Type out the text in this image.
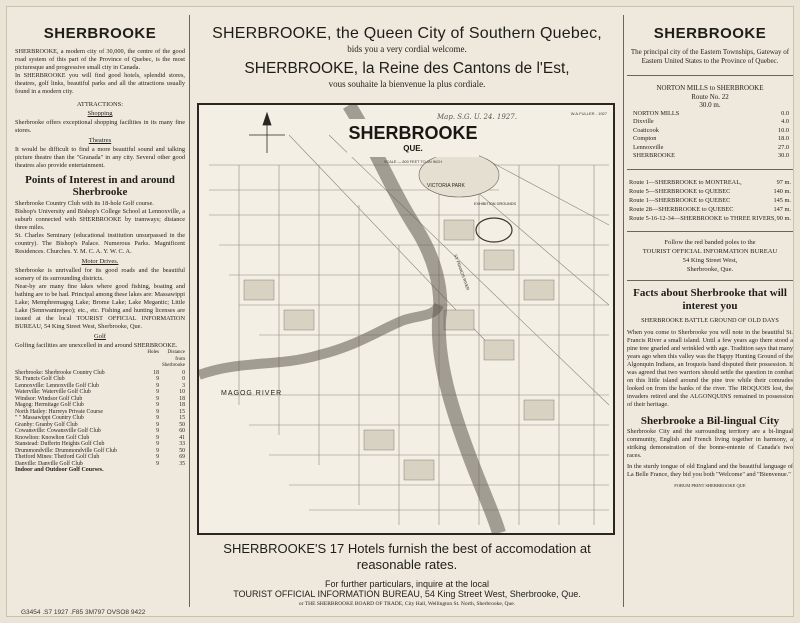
SHERBROOKE

SHERBROOKE, a modern city of 30,000, the centre of the good road system of this part of the Province of Quebec, is the most picturesque and progressive small city in Canada.

In SHERBROOKE you will find good hotels, splendid stores, theatres, golf links, beautiful parks and all the attractions usually found in a modern city.

ATTRACTIONS:
Shopping

Sherbrooke offers exceptional shopping facilities in its many fine stores.

Theatres

It would be difficult to find a more beautiful sound and talking picture theatre than the "Granada" in any city. Several other good theatres also provide entertainment.

Points of Interest in and around Sherbrooke

Sherbrooke Country Club with its 18-hole Golf course.

Bishop's University and Bishop's College School at Lennoxville, a suburb connected with SHERBROOKE by tramways; distance three miles.

St. Charles Seminary (educational institution unsurpassed in the country). The Bishop's Palace. Numerous Parks. Magnificent Residences. Churches. Y. M. C. A. Y. W. C. A.

Motor Drives.

Sherbrooke is unrivalled for its good roads and the beautiful scenery of its surrounding districts.

Near-by are many fine lakes where good fishing, boating and bathing are to be had. Principal among these lakes are: Massawippi Lake; Memphremagog Lake; Brome Lake; Lake Megantic; Little Lake (Sennwaninepeo); etc., etc. Fishing and hunting licenses are issued at the local TOURIST OFFICIAL INFORMATION BUREAU, 54 King Street West, Sherbrooke, Que.

Golf

Golfing facilities are unexcelled in and around SHERBROOKE.

	Holes	Distance from Sherbrooke
Sherbrooke: Sherbrooke Country Club	18	0
St. Francis Golf Club	9	0
Lennoxville: Lennoxville Golf Club	9	3
Waterville: Waterville Golf Club	9	10
Windsor: Windsor Golf Club	9	18
Magog: Hermitage Golf Club	9	18
North Hatley: Hurreys Private Course	9	15
" " Massawippi Country Club	9	15
Granby: Granby Golf Club	9	50
Cowansville: Cowansville Golf Club	9	60
Knowlton: Knowlton Golf Club	9	41
Stanstead: Dufferin Heights Golf Club	9	33
Drummondville: Drummondville Golf Club	9	50
Thetford Mines: Thetford Golf Club	9	69
Danville: Danville Golf Club	9	35
Indoor and Outdoor Golf Courses.
SHERBROOKE, the Queen City of Southern Quebec,
bids you a very cordial welcome.
SHERBROOKE, la Reine des Cantons de l'Est,
vous souhaite la bienvenue la plus cordiale.
SHERBROOKE
QUE.
SCALE — 800 FEET TO AN INCH
W.A.FULLER - 1927
VICTORIA PARK
MAGOG RIVER
ST. FRANCIS RIVER
EXHIBITION GROUNDS
SHERBROOKE'S 17 Hotels furnish the best of accomodation at reasonable rates.
For further particulars, inquire at the local
TOURIST OFFICIAL INFORMATION BUREAU, 54 King Street West, Sherbrooke, Que.
or THE SHERBROOKE BOARD OF TRADE, City Hall, Wellington St. North, Sherbrooke, Que.
SHERBROOKE

The principal city of the Eastern Townships, Gateway of Eastern United States to the Province of Quebec.

NORTON MILLS to SHERBROOKE
Route No. 22
30.0 m.
NORTON MILLS	0.0
Dixville	4.0
Coaticook	10.0
Compton	18.0
Lennoxville	27.0
SHERBROOKE	30.0
Route 1—SHERBROOKE to MONTREAL,	97 m.
Route 5—SHERBROOKE to QUEBEC	140 m.
Route 1—SHERBROOKE to QUEBEC	145 m.
Route 28—SHERBROOKE to QUEBEC	147 m.
Route 5-16-12-34—SHERBROOKE to THREE RIVERS, 90 m.
Follow the red banded poles to the
TOURIST OFFICIAL INFORMATION BUREAU
54 King Street West,
Sherbrooke, Que.
Facts about Sherbrooke that will interest you
SHERBROOKE BATTLE GROUND OF OLD DAYS

When you come to Sherbrooke you will note in the beautiful St. Francis River a small island. Until a few years ago there stood a pine tree gnarled and wrinkled with age. Tradition says that many years ago when this valley was the Happy Hunting Ground of the Algonquin Indians, an Iroquois band disputed their possession. It was agreed that two warriors should settle the question in combat on this little island around the pine tree while their comrades looked on from the banks of the river. The IROQUOIS lost, the invaders retired and the ALGONQUINS remained in possession of their heritage.

Sherbrooke a Bil-lingual City

Sherbrooke City and the surrounding territory are a bi-lingual community, English and French living together in harmony, a striking demonstration of the bonne-entente of Canada's two races.

In the sturdy tongue of old England and the beautiful language of La Belle France, they bid you both "Welcome" and "Bienvenue."

FORUM PRINT SHERBROOKE QUE
G3454 .S7 1927 .F85 3M797 OVSO8 9422
Map. S.G. U. 24. 1927.
